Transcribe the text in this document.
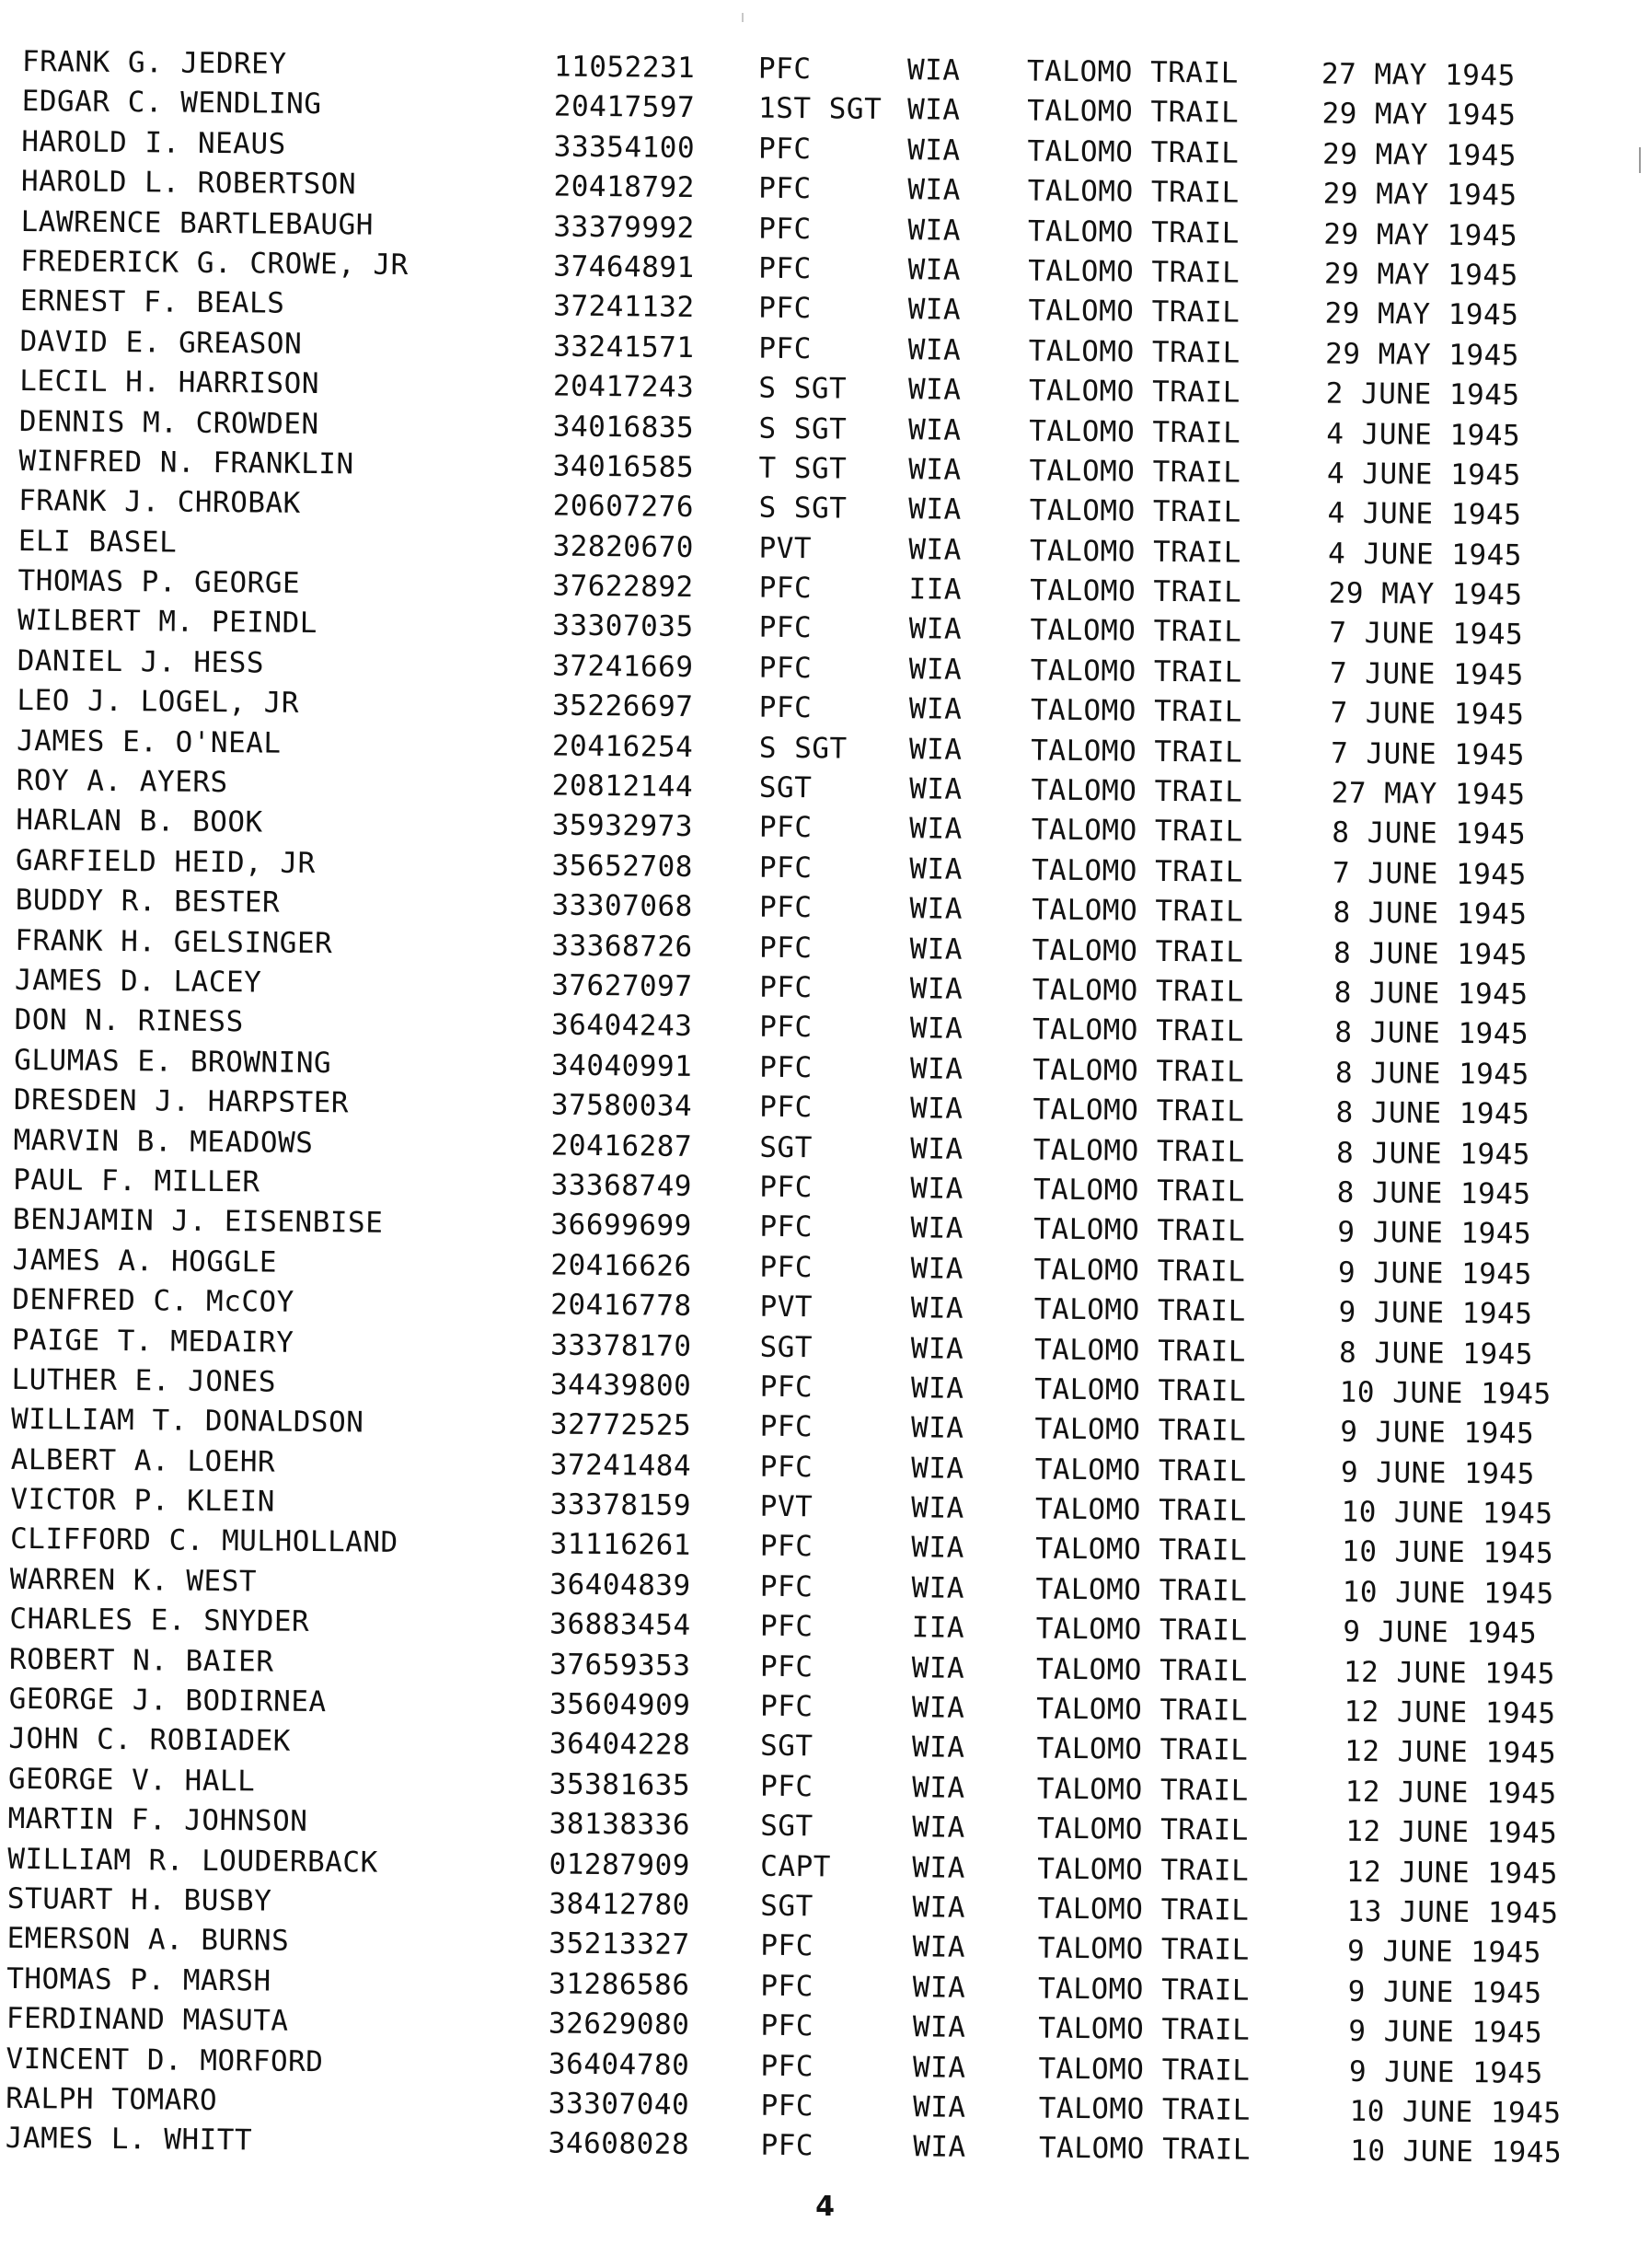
FRANK G. JEDREY	11052231 PFC	WIA TALOMO TRAIL	27 MAY 1945
EDGAR C. WENDLING	20417597 1ST SGT WIA TALOMO TRAIL	29 MAY 1945
HAROLD I. NEAUS	33354100 PFC	WIA TALOMO TRAIL	29 MAY 1945
HAROLD L. ROBERTSON	20418792 PFC	WIA TALOMO TRAIL	29 MAY 1945
LAWRENCE BARTLEBAUGH	33379992 PFC	WIA TALOMO TRAIL	29 MAY 1945
FREDERICK G. CROWE, JR	37464891 PFC	WIA TALOMO TRAIL	29 MAY 1945
ERNEST F. BEALS	37241132 PFC	WIA TALOMO TRAIL	29 MAY 1945
DAVID E. GREASON	33241571 PFC	WIA TALOMO TRAIL	29 MAY 1945
LECIL H. HARRISON	20417243 S SGT WIA TALOMO TRAIL	2 JUNE 1945
DENNIS M. CROWDEN	34016835 S SGT WIA TALOMO TRAIL	4 JUNE 1945
WINFRED N. FRANKLIN	34016585 T SGT WIA TALOMO TRAIL	4 JUNE 1945
FRANK J. CHROBAK	20607276 S SGT WIA TALOMO TRAIL	4 JUNE 1945
ELI BASEL	32820670 PVT	WIA TALOMO TRAIL	4 JUNE 1945
THOMAS P. GEORGE	37622892 PFC	IIA TALOMO TRAIL	29 MAY 1945
WILBERT M. PEINDL	33307035 PFC	WIA TALOMO TRAIL	7 JUNE 1945
DANIEL J. HESS	37241669 PFC	WIA TALOMO TRAIL	7 JUNE 1945
LEO J. LOGEL, JR	35226697 PFC	WIA TALOMO TRAIL	7 JUNE 1945
JAMES E. O'NEAL	20416254 S SGT WIA TALOMO TRAIL	7 JUNE 1945
ROY A. AYERS	20812144 SGT	WIA TALOMO TRAIL	27 MAY 1945
HARLAN B. BOOK	35932973 PFC	WIA TALOMO TRAIL	8 JUNE 1945
GARFIELD HEID, JR	35652708 PFC	WIA TALOMO TRAIL	7 JUNE 1945
BUDDY R. BESTER	33307068 PFC	WIA TALOMO TRAIL	8 JUNE 1945
FRANK H. GELSINGER	33368726 PFC	WIA TALOMO TRAIL	8 JUNE 1945
JAMES D. LACEY	37627097 PFC	WIA TALOMO TRAIL	8 JUNE 1945
DON N. RINESS	36404243 PFC	WIA TALOMO TRAIL	8 JUNE 1945
GLUMAS E. BROWNING	34040991 PFC	WIA TALOMO TRAIL	8 JUNE 1945
DRESDEN J. HARPSTER	37580034 PFC	WIA TALOMO TRAIL	8 JUNE 1945
MARVIN B. MEADOWS	20416287 SGT	WIA TALOMO TRAIL	8 JUNE 1945
PAUL F. MILLER	33368749 PFC	WIA TALOMO TRAIL	8 JUNE 1945
BENJAMIN J. EISENBISE	36699699 PFC	WIA TALOMO TRAIL	9 JUNE 1945
JAMES A. HOGGLE	20416626 PFC	WIA TALOMO TRAIL	9 JUNE 1945
DENFRED C. McCOY	20416778 PVT	WIA TALOMO TRAIL	9 JUNE 1945
PAIGE T. MEDAIRY	33378170 SGT	WIA TALOMO TRAIL	8 JUNE 1945
LUTHER E. JONES	34439800 PFC	WIA TALOMO TRAIL	10 JUNE 1945
WILLIAM T. DONALDSON	32772525 PFC	WIA TALOMO TRAIL	9 JUNE 1945
ALBERT A. LOEHR	37241484 PFC	WIA TALOMO TRAIL	9 JUNE 1945
VICTOR P. KLEIN	33378159 PVT	WIA TALOMO TRAIL	10 JUNE 1945
CLIFFORD C. MULHOLLAND	31116261 PFC	WIA TALOMO TRAIL	10 JUNE 1945
WARREN K. WEST	36404839 PFC	WIA TALOMO TRAIL	10 JUNE 1945
CHARLES E. SNYDER	36883454 PFC	IIA TALOMO TRAIL	9 JUNE 1945
ROBERT N. BAIER	37659353 PFC	WIA TALOMO TRAIL	12 JUNE 1945
GEORGE J. BODIRNEA	35604909 PFC	WIA	TALOMO TRAIL	12 JUNE 1945
JOHN C. ROBIADEK	36404228 SGT	WIA	TALOMO TRAIL	12 JUNE 1945
GEORGE V. HALL	35381635 PFC	WIA	TALOMO TRAIL	12 JUNE 1945
MARTIN F. JOHNSON	38138336 SGT	WIA	TALOMO TRAIL	12 JUNE 1945
WILLIAM R. LOUDERBACK	01287909 CAPT	WIA	TALOMO TRAIL	12 JUNE 1945
STUART H. BUSBY	38412780 SGT	WIA	TALOMO TRAIL	13 JUNE 1945
EMERSON A. BURNS	35213327 PFC	WIA	TALOMO TRAIL	9 JUNE 1945
THOMAS P. MARSH	31286586 PFC	WIA	TALOMO TRAIL	9 JUNE 1945
FERDINAND MASUTA	32629080 PFC	WIA	TALOMO TRAIL	9 JUNE 1945
VINCENT D. MORFORD	36404780 PFC	WIA	TALOMO TRAIL	9 JUNE 1945
RALPH TOMARO	33307040 PFC	WIA	TALOMO TRAIL	10 JUNE 1945
JAMES L. WHITT	34608028 PFC	WIA	TALOMO TRAIL	10 JUNE 1945
4
